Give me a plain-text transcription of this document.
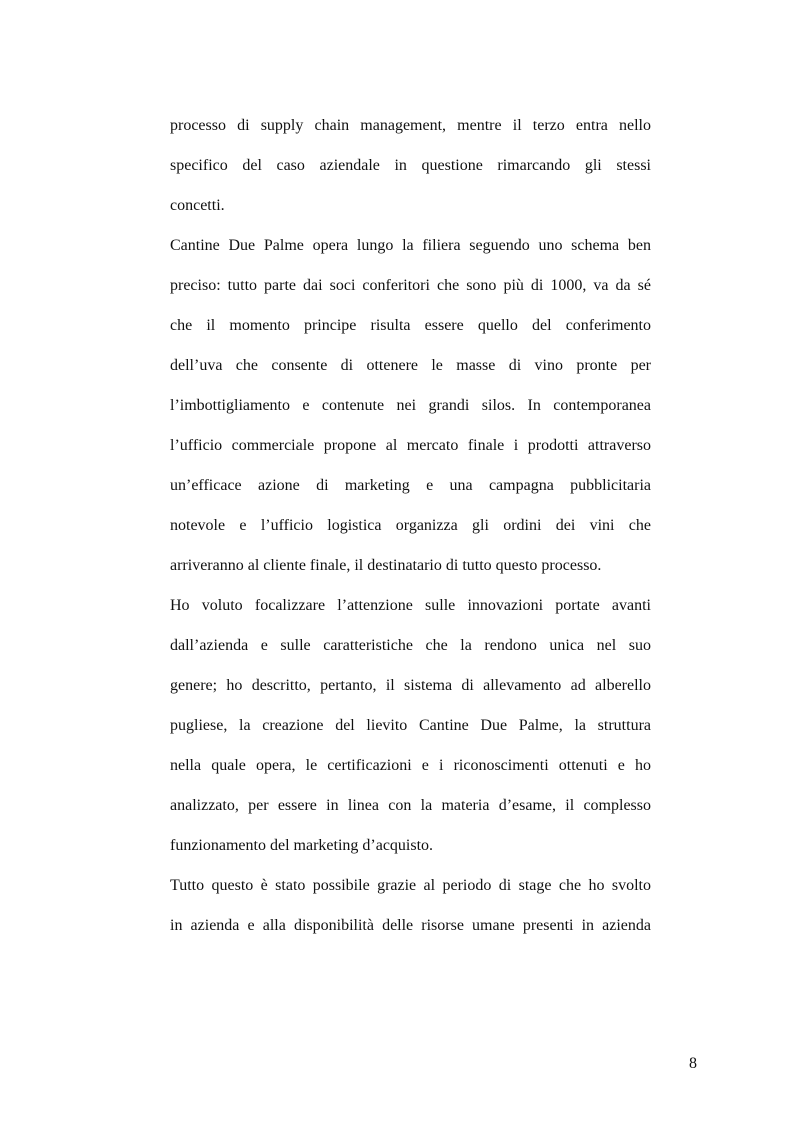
processo di supply chain management, mentre il terzo entra nello
specifico del caso aziendale in questione rimarcando gli stessi
concetti.
Cantine Due Palme opera lungo la filiera seguendo uno schema ben
preciso: tutto parte dai soci conferitori che sono più di 1000, va da sé
che il momento principe risulta essere quello del conferimento
dell’uva che consente di ottenere le masse di vino pronte per
l’imbottigliamento e contenute nei grandi silos. In contemporanea
l’ufficio commerciale propone al mercato finale i prodotti attraverso
un’efficace azione di marketing e una campagna pubblicitaria
notevole e l’ufficio logistica organizza gli ordini dei vini che
arriveranno al cliente finale, il destinatario di tutto questo processo.
Ho voluto focalizzare l’attenzione sulle innovazioni portate avanti
dall’azienda e sulle caratteristiche che la rendono unica nel suo
genere; ho descritto, pertanto, il sistema di allevamento ad alberello
pugliese, la creazione del lievito Cantine Due Palme, la struttura
nella quale opera, le certificazioni e i riconoscimenti ottenuti e ho
analizzato, per essere in linea con la materia d’esame, il complesso
funzionamento del marketing d’acquisto.
Tutto questo è stato possibile grazie al periodo di stage che ho svolto
in azienda e alla disponibilità delle risorse umane presenti in azienda
8
